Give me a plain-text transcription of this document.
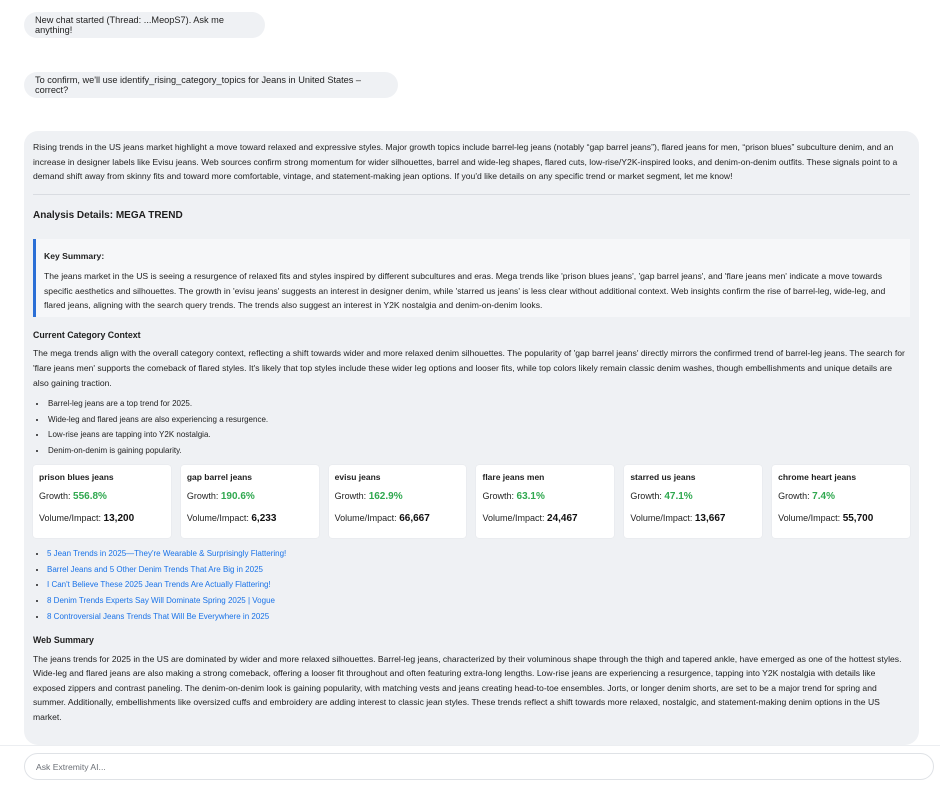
New chat started (Thread: ...MeopS7). Ask me anything!
To confirm, we'll use identify_rising_category_topics for Jeans in United States – correct?

Rising trends in the US jeans market highlight a move toward relaxed and expressive styles. Major growth topics include barrel-leg jeans (notably “gap barrel jeans”), flared jeans for men, “prison blues” subculture denim, and an increase in designer labels like Evisu jeans. Web sources confirm strong momentum for wider silhouettes, barrel and wide-leg shapes, flared cuts, low-rise/Y2K-inspired looks, and denim-on-denim outfits. These signals point to a demand shift away from skinny fits and toward more comfortable, vintage, and statement-making jean options. If you'd like details on any specific trend or market segment, let me know!

Analysis Details: MEGA TREND
Key Summary:

The jeans market in the US is seeing a resurgence of relaxed fits and styles inspired by different subcultures and eras. Mega trends like 'prison blues jeans', 'gap barrel jeans', and 'flare jeans men' indicate a move towards specific aesthetics and silhouettes. The growth in 'evisu jeans' suggests an interest in designer denim, while 'starred us jeans' is less clear without additional context. Web insights confirm the rise of barrel-leg, wide-leg, and flared jeans, aligning with the search query trends. The trends also suggest an interest in Y2K nostalgia and denim-on-denim looks.

Current Category Context

The mega trends align with the overall category context, reflecting a shift towards wider and more relaxed denim silhouettes. The popularity of 'gap barrel jeans' directly mirrors the confirmed trend of barrel-leg jeans. The search for 'flare jeans men' supports the comeback of flared styles. It's likely that top styles include these wider leg options and looser fits, while top colors likely remain classic denim washes, though embellishments and unique details are also gaining traction.

• Barrel-leg jeans are a top trend for 2025.
• Wide-leg and flared jeans are also experiencing a resurgence.
• Low-rise jeans are tapping into Y2K nostalgia.
• Denim-on-denim is gaining popularity.
prison blues jeans
Growth: 556.8%
Volume/Impact: 13,200
gap barrel jeans
Growth: 190.6%
Volume/Impact: 6,233
evisu jeans
Growth: 162.9%
Volume/Impact: 66,667
flare jeans men
Growth: 63.1%
Volume/Impact: 24,467
starred us jeans
Growth: 47.1%
Volume/Impact: 13,667
chrome heart jeans
Growth: 7.4%
Volume/Impact: 55,700
• 5 Jean Trends in 2025—They're Wearable & Surprisingly Flattering!
• Barrel Jeans and 5 Other Denim Trends That Are Big in 2025
• I Can't Believe These 2025 Jean Trends Are Actually Flattering!
• 8 Denim Trends Experts Say Will Dominate Spring 2025 | Vogue
• 8 Controversial Jeans Trends That Will Be Everywhere in 2025
Web Summary

The jeans trends for 2025 in the US are dominated by wider and more relaxed silhouettes. Barrel-leg jeans, characterized by their voluminous shape through the thigh and tapered ankle, have emerged as one of the hottest styles. Wide-leg and flared jeans are also making a strong comeback, offering a looser fit throughout and often featuring extra-long lengths. Low-rise jeans are experiencing a resurgence, tapping into Y2K nostalgia with details like exposed zippers and contrast paneling. The denim-on-denim look is gaining popularity, with matching vests and jeans creating head-to-toe ensembles. Jorts, or longer denim shorts, are set to be a major trend for spring and summer. Additionally, embellishments like oversized cuffs and embroidery are adding interest to classic jean styles. These trends reflect a shift towards more relaxed, nostalgic, and statement-making denim options in the US market.

Ask Extremity AI...
